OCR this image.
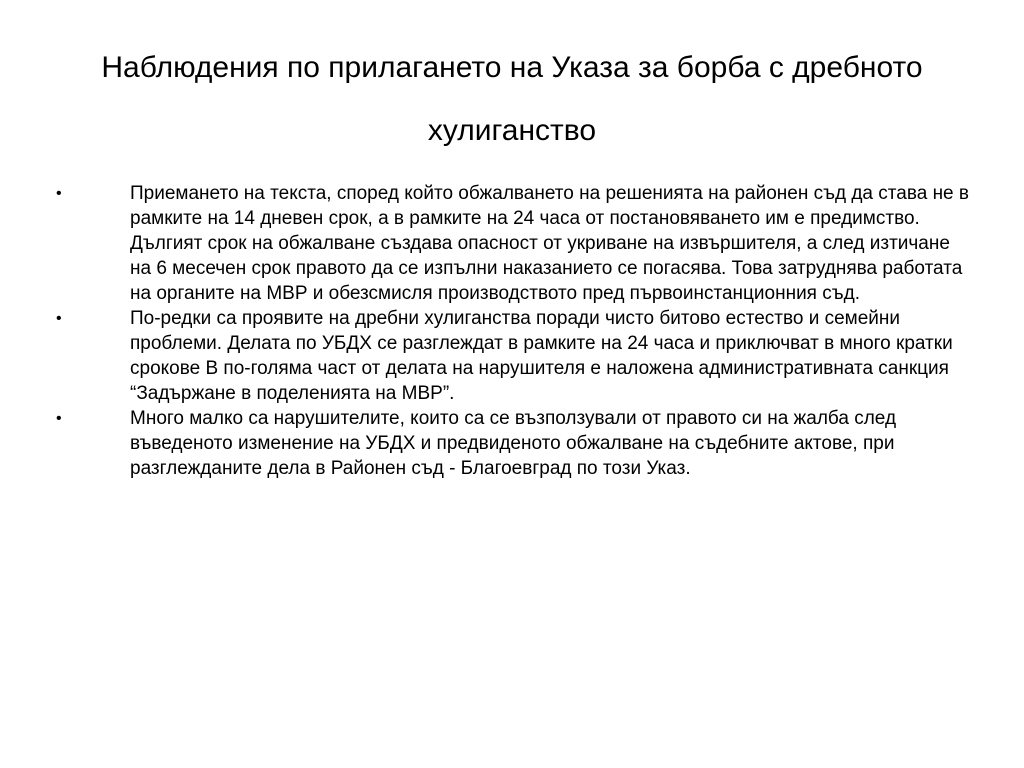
Наблюдения по прилагането на Указа за борба с дребното хулиганство
•	Приемането на текста, според който обжалването на решенията на районен съд да става не в рамките на 14 дневен срок, а в рамките на 24 часа от постановяването им е предимство. Дългият срок на обжалване създава опасност от укриване на извършителя, а след изтичане на 6 месечен срок правото да се изпълни наказанието се погасява. Това затруднява работата на органите на МВР и обезсмисля производството пред първоинстанционния съд.
•	По-редки са проявите на дребни хулиганства поради чисто битово естество и семейни проблеми. Делата по УБДХ се разглеждат в рамките на 24 часа и приключват в много кратки срокове В по-голяма част от делата на нарушителя е наложена административната санкция “Задържане в поделенията на МВР”.
•	Много малко са нарушителите, които са се възползували от правото си на жалба след въведеното изменение на УБДХ и предвиденото обжалване на съдебните актове, при разглежданите дела в Районен съд - Благоевград по този Указ.
